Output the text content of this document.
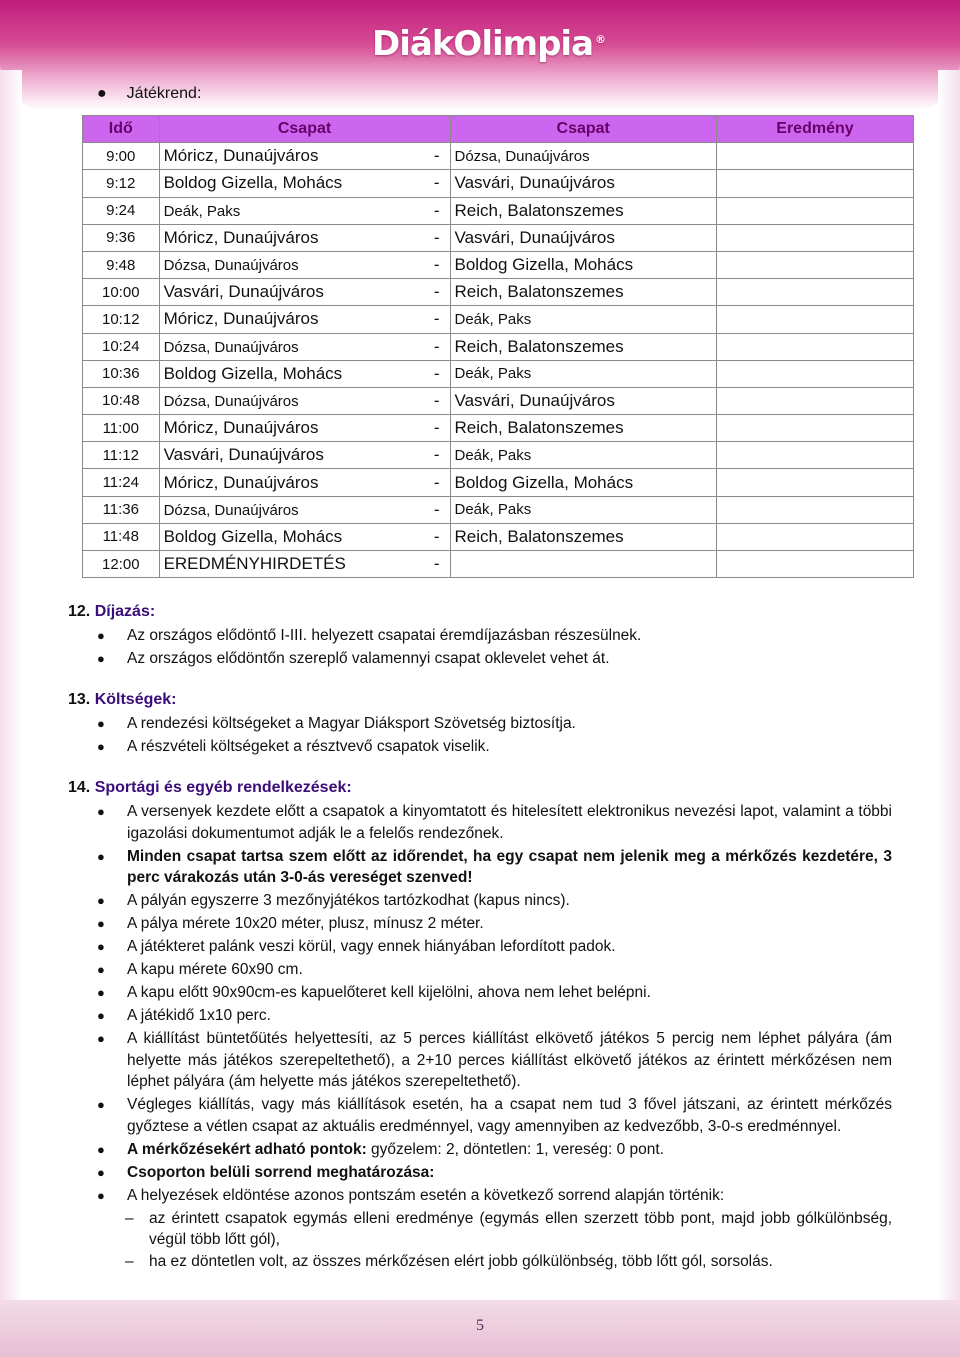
DiákOlimpia ®
● Játékrend:
Idő	Csapat	Csapat	Eredmény
9:00	Móricz, Dunaújváros -	Dózsa, Dunaújváros	
9:12	Boldog Gizella, Mohács -	Vasvári, Dunaújváros	
9:24	Deák, Paks -	Reich, Balatonszemes	
9:36	Móricz, Dunaújváros -	Vasvári, Dunaújváros	
9:48	Dózsa, Dunaújváros -	Boldog Gizella, Mohács	
10:00	Vasvári, Dunaújváros -	Reich, Balatonszemes	
10:12	Móricz, Dunaújváros -	Deák, Paks	
10:24	Dózsa, Dunaújváros -	Reich, Balatonszemes	
10:36	Boldog Gizella, Mohács -	Deák, Paks	
10:48	Dózsa, Dunaújváros -	Vasvári, Dunaújváros	
11:00	Móricz, Dunaújváros -	Reich, Balatonszemes	
11:12	Vasvári, Dunaújváros -	Deák, Paks	
11:24	Móricz, Dunaújváros -	Boldog Gizella, Mohács	
11:36	Dózsa, Dunaújváros -	Deák, Paks	
11:48	Boldog Gizella, Mohács -	Reich, Balatonszemes	
12:00	EREDMÉNYHIRDETÉS -		

12. Díjazás:
●	Az országos elődöntő I-III. helyezett csapatai éremdíjazásban részesülnek.
●	Az országos elődöntőn szereplő valamennyi csapat oklevelet vehet át.
13. Költségek:
●	A rendezési költségeket a Magyar Diáksport Szövetség biztosítja.
●	A részvételi költségeket a résztvevő csapatok viselik.
14. Sportági és egyéb rendelkezések:
●	A versenyek kezdete előtt a csapatok a kinyomtatott és hitelesített elektronikus nevezési lapot, valamint a többi igazolási dokumentumot adják le a felelős rendezőnek.
●	Minden csapat tartsa szem előtt az időrendet, ha egy csapat nem jelenik meg a mérkőzés kezdetére, 3 perc várakozás után 3-0-ás vereséget szenved!
●	A pályán egyszerre 3 mezőnyjátékos tartózkodhat (kapus nincs).
●	A pálya mérete 10x20 méter, plusz, mínusz 2 méter.
●	A játékteret palánk veszi körül, vagy ennek hiányában lefordított padok.
●	A kapu mérete 60x90 cm.
●	A kapu előtt 90x90cm-es kapuelőteret kell kijelölni, ahova nem lehet belépni.
●	A játékidő 1x10 perc.
●	A kiállítást büntetőütés helyettesíti, az 5 perces kiállítást elkövető játékos 5 percig nem léphet pályára (ám helyette más játékos szerepeltethető), a 2+10 perces kiállítást elkövető játékos az érintett mérkőzésen nem léphet pályára (ám helyette más játékos szerepeltethető).
●	Végleges kiállítás, vagy más kiállítások esetén, ha a csapat nem tud 3 fővel játszani, az érintett mérkőzés győztese a vétlen csapat az aktuális eredménnyel, vagy amennyiben az kedvezőbb, 3-0-s eredménnyel.
●	A mérkőzésekért adható pontok: győzelem: 2, döntetlen: 1, vereség: 0 pont.
●	Csoporton belüli sorrend meghatározása:
●	A helyezések eldöntése azonos pontszám esetén a következő sorrend alapján történik:
– az érintett csapatok egymás elleni eredménye (egymás ellen szerzett több pont, majd jobb gólkülönbség, végül több lőtt gól),
– ha ez döntetlen volt, az összes mérkőzésen elért jobb gólkülönbség, több lőtt gól, sorsolás.
5
